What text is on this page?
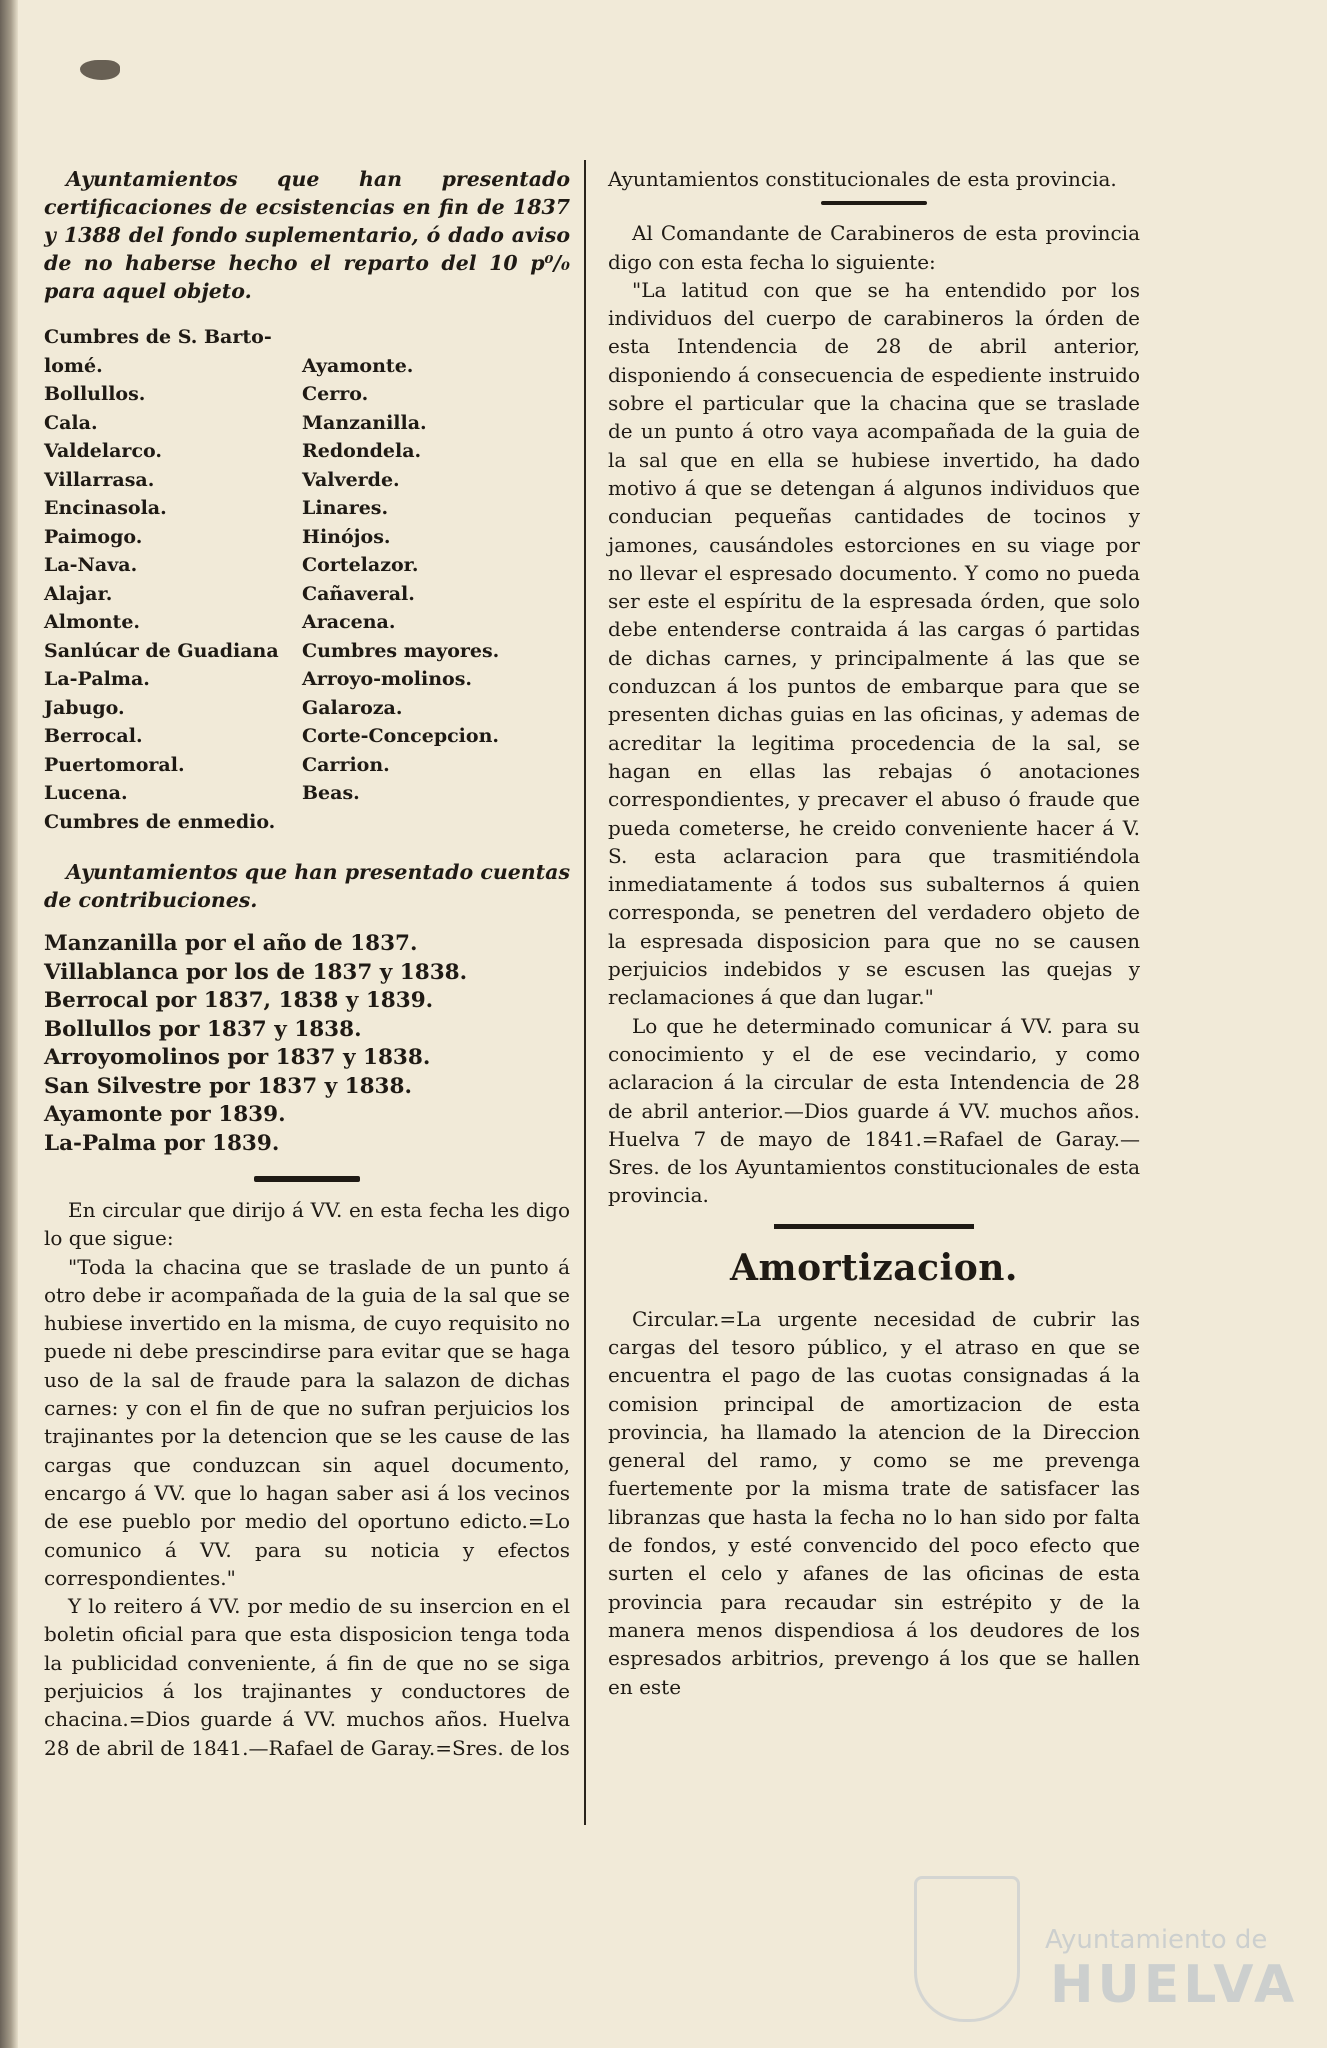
Ayuntamientos que han presentado certificaciones de ecsistencias en fin de 1837 y 1388 del fondo suplementario, ó dado aviso de no haberse hecho el reparto del 10 p⁰/₀ para aquel objeto.
Cumbres de S. Barto-
lomé.	Ayamonte.
Bollullos.	Cerro.
Cala.	Manzanilla.
Valdelarco.	Redondela.
Villarrasa.	Valverde.
Encinasola.	Linares.
Paimogo.	Hinójos.
La-Nava.	Cortelazor.
Alajar.	Cañaveral.
Almonte.	Aracena.
Sanlúcar de Guadiana	Cumbres mayores.
La-Palma.	Arroyo-molinos.
Jabugo.	Galaroza.
Berrocal.	Corte-Concepcion.
Puertomoral.	Carrion.
Lucena.	Beas.
Cumbres de enmedio.
Ayuntamientos que han presentado cuentas de contribuciones.
Manzanilla por el año de 1837.
Villablanca por los de 1837 y 1838.
Berrocal por 1837, 1838 y 1839.
Bollullos por 1837 y 1838.
Arroyomolinos por 1837 y 1838.
San Silvestre por 1837 y 1838.
Ayamonte por 1839.
La-Palma por 1839.

En circular que dirijo á VV. en esta fecha les digo lo que sigue:

"Toda la chacina que se traslade de un punto á otro debe ir acompañada de la guia de la sal que se hubiese invertido en la misma, de cuyo requisito no puede ni debe prescindirse para evitar que se haga uso de la sal de fraude para la salazon de dichas carnes: y con el fin de que no sufran perjuicios los trajinantes por la detencion que se les cause de las cargas que conduzcan sin aquel documento, encargo á VV. que lo hagan saber asi á los vecinos de ese pueblo por medio del oportuno edicto.=Lo comunico á VV. para su noticia y efectos correspondientes."

Y lo reitero á VV. por medio de su insercion en el boletin oficial para que esta disposicion tenga toda la publicidad conveniente, á fin de que no se siga perjuicios á los trajinantes y conductores de chacina.=Dios guarde á VV. muchos años. Huelva 28 de abril de 1841.—Rafael de Garay.=Sres. de los

Ayuntamientos constitucionales de esta provincia.

Al Comandante de Carabineros de esta provincia digo con esta fecha lo siguiente:

"La latitud con que se ha entendido por los individuos del cuerpo de carabineros la órden de esta Intendencia de 28 de abril anterior, disponiendo á consecuencia de espediente instruido sobre el particular que la chacina que se traslade de un punto á otro vaya acompañada de la guia de la sal que en ella se hubiese invertido, ha dado motivo á que se detengan á algunos individuos que conducian pequeñas cantidades de tocinos y jamones, causándoles estorciones en su viage por no llevar el espresado documento. Y como no pueda ser este el espíritu de la espresada órden, que solo debe entenderse contraida á las cargas ó partidas de dichas carnes, y principalmente á las que se conduzcan á los puntos de embarque para que se presenten dichas guias en las oficinas, y ademas de acreditar la legitima procedencia de la sal, se hagan en ellas las rebajas ó anotaciones correspondientes, y precaver el abuso ó fraude que pueda cometerse, he creido conveniente hacer á V. S. esta aclaracion para que trasmitiéndola inmediatamente á todos sus subalternos á quien corresponda, se penetren del verdadero objeto de la espresada disposicion para que no se causen perjuicios indebidos y se escusen las quejas y reclamaciones á que dan lugar."

Lo que he determinado comunicar á VV. para su conocimiento y el de ese vecindario, y como aclaracion á la circular de esta Intendencia de 28 de abril anterior.—Dios guarde á VV. muchos años. Huelva 7 de mayo de 1841.=Rafael de Garay.—Sres. de los Ayuntamientos constitucionales de esta provincia.

Amortizacion.

Circular.=La urgente necesidad de cubrir las cargas del tesoro público, y el atraso en que se encuentra el pago de las cuotas consignadas á la comision principal de amortizacion de esta provincia, ha llamado la atencion de la Direccion general del ramo, y como se me prevenga fuertemente por la misma trate de satisfacer las libranzas que hasta la fecha no lo han sido por falta de fondos, y esté convencido del poco efecto que surten el celo y afanes de las oficinas de esta provincia para recaudar sin estrépito y de la manera menos dispendiosa á los deudores de los espresados arbitrios, prevengo á los que se hallen en este

Ayuntamiento de
HUELVA
